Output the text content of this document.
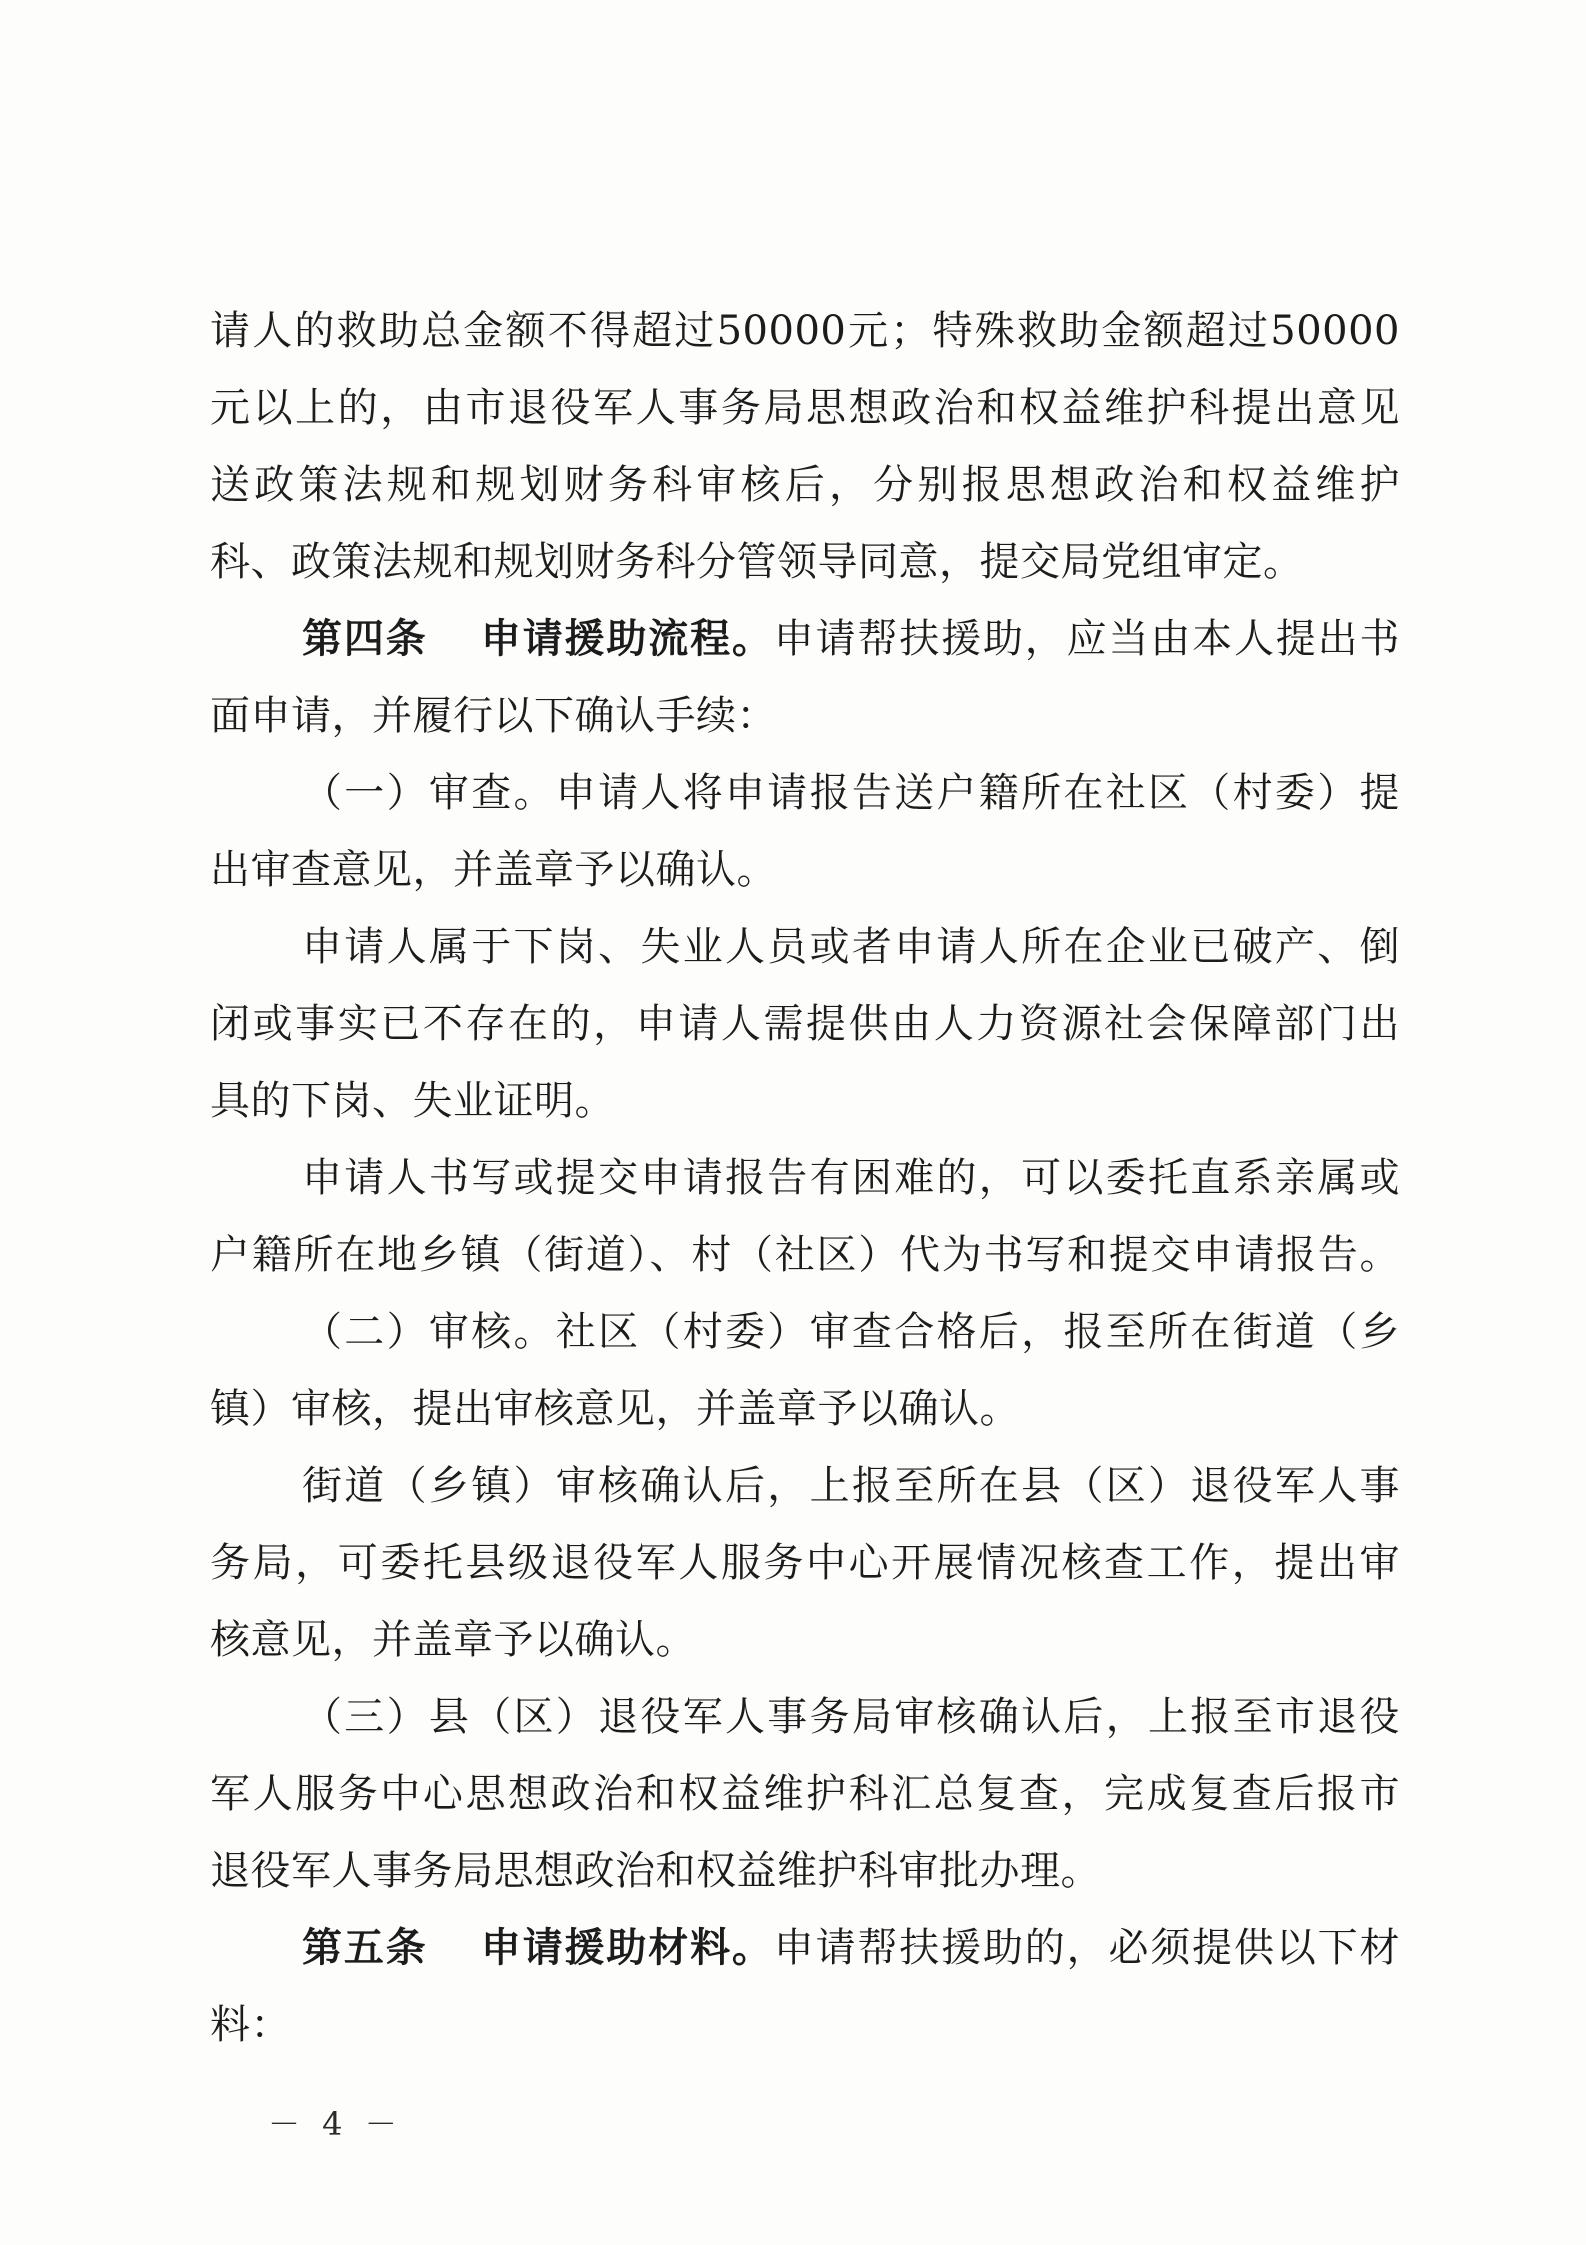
请人的救助总金额不得超过50000元；特殊救助金额超过50000
元以上的，由市退役军人事务局思想政治和权益维护科提出意见
送政策法规和规划财务科审核后，分别报思想政治和权益维护
科、政策法规和规划财务科分管领导同意，提交局党组审定。
第四条 申请援助流程。申请帮扶援助，应当由本人提出书
面申请，并履行以下确认手续：
（一）审查。申请人将申请报告送户籍所在社区（村委）提
出审查意见，并盖章予以确认。
申请人属于下岗、失业人员或者申请人所在企业已破产、倒
闭或事实已不存在的，申请人需提供由人力资源社会保障部门出
具的下岗、失业证明。
申请人书写或提交申请报告有困难的，可以委托直系亲属或
户籍所在地乡镇（街道）、村（社区）代为书写和提交申请报告。
（二）审核。社区（村委）审查合格后，报至所在街道（乡
镇）审核，提出审核意见，并盖章予以确认。
街道（乡镇）审核确认后，上报至所在县（区）退役军人事
务局，可委托县级退役军人服务中心开展情况核查工作，提出审
核意见，并盖章予以确认。
（三）县（区）退役军人事务局审核确认后，上报至市退役
军人服务中心思想政治和权益维护科汇总复查，完成复查后报市
退役军人事务局思想政治和权益维护科审批办理。
第五条 申请援助材料。申请帮扶援助的，必须提供以下材
料：
－ 4 －
